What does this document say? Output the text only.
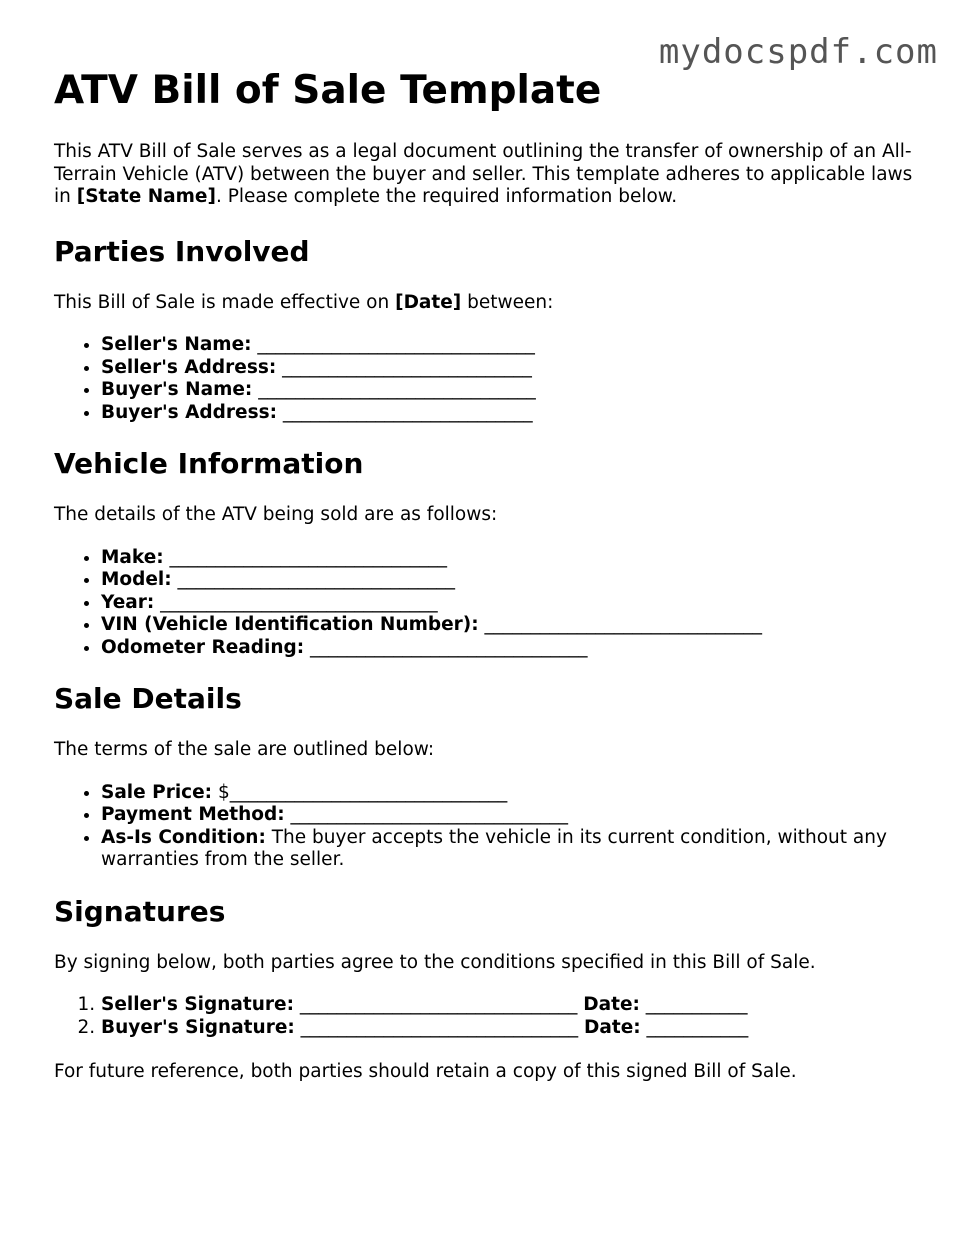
mydocspdf.com
ATV Bill of Sale Template

This ATV Bill of Sale serves as a legal document outlining the transfer of ownership of an All-Terrain Vehicle (ATV) between the buyer and seller. This template adheres to applicable laws in [State Name]. Please complete the required information below.

Parties Involved

This Bill of Sale is made effective on [Date] between:

• Seller's Name: ______________________________
• Seller's Address: ___________________________
• Buyer's Name: ______________________________
• Buyer's Address: ___________________________
Vehicle Information

The details of the ATV being sold are as follows:

• Make: ______________________________
• Model: ______________________________
• Year: ______________________________
• VIN (Vehicle Identification Number): ______________________________
• Odometer Reading: ______________________________
Sale Details

The terms of the sale are outlined below:

• Sale Price: $______________________________
• Payment Method: ______________________________
• As-Is Condition: The buyer accepts the vehicle in its current condition, without any warranties from the seller.
Signatures

By signing below, both parties agree to the conditions specified in this Bill of Sale.

1. Seller's Signature: ______________________________ Date: ___________
2. Buyer's Signature: ______________________________ Date: ___________

For future reference, both parties should retain a copy of this signed Bill of Sale.
